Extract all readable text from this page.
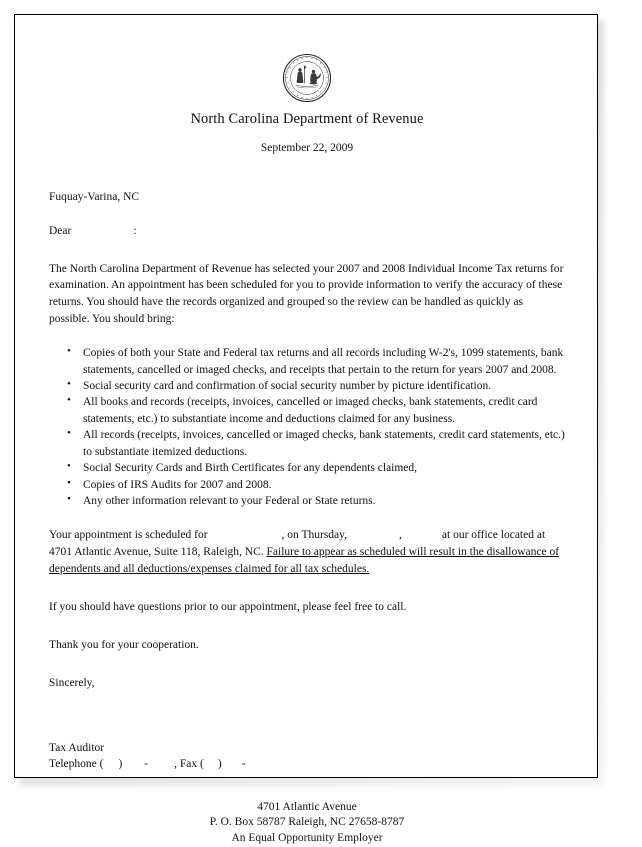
North Carolina Department of Revenue
September 22, 2009
Fuquay-Varina, NC
Dear	:
The North Carolina Department of Revenue has selected your 2007 and 2008 Individual Income Tax returns for examination. An appointment has been scheduled for you to provide information to verify the accuracy of these returns. You should have the records organized and grouped so the review can be handled as quickly as possible. You should bring:
• Copies of both your State and Federal tax returns and all records including W-2's, 1099 statements, bank statements, cancelled or imaged checks, and receipts that pertain to the return for years 2007 and 2008.
• Social security card and confirmation of social security number by picture identification.
• All books and records (receipts, invoices, cancelled or imaged checks, bank statements, credit card statements, etc.) to substantiate income and deductions claimed for any business.
• All records (receipts, invoices, cancelled or imaged checks, bank statements, credit card statements, etc.) to substantiate itemized deductions.
• Social Security Cards and Birth Certificates for any dependents claimed,
• Copies of IRS Audits for 2007 and 2008.
• Any other information relevant to your Federal or State returns.
Your appointment is scheduled for	, on Thursday,	,	at our office located at 4701 Atlantic Avenue, Suite 118, Raleigh, NC. Failure to appear as scheduled will result in the disallowance of dependents and all deductions/expenses claimed for all tax schedules.
If you should have questions prior to our appointment, please feel free to call.
Thank you for your cooperation.
Sincerely,
Tax Auditor
Telephone ( ) - , Fax ( ) -
4701 Atlantic Avenue
P. O. Box 58787 Raleigh, NC 27658-8787
An Equal Opportunity Employer
